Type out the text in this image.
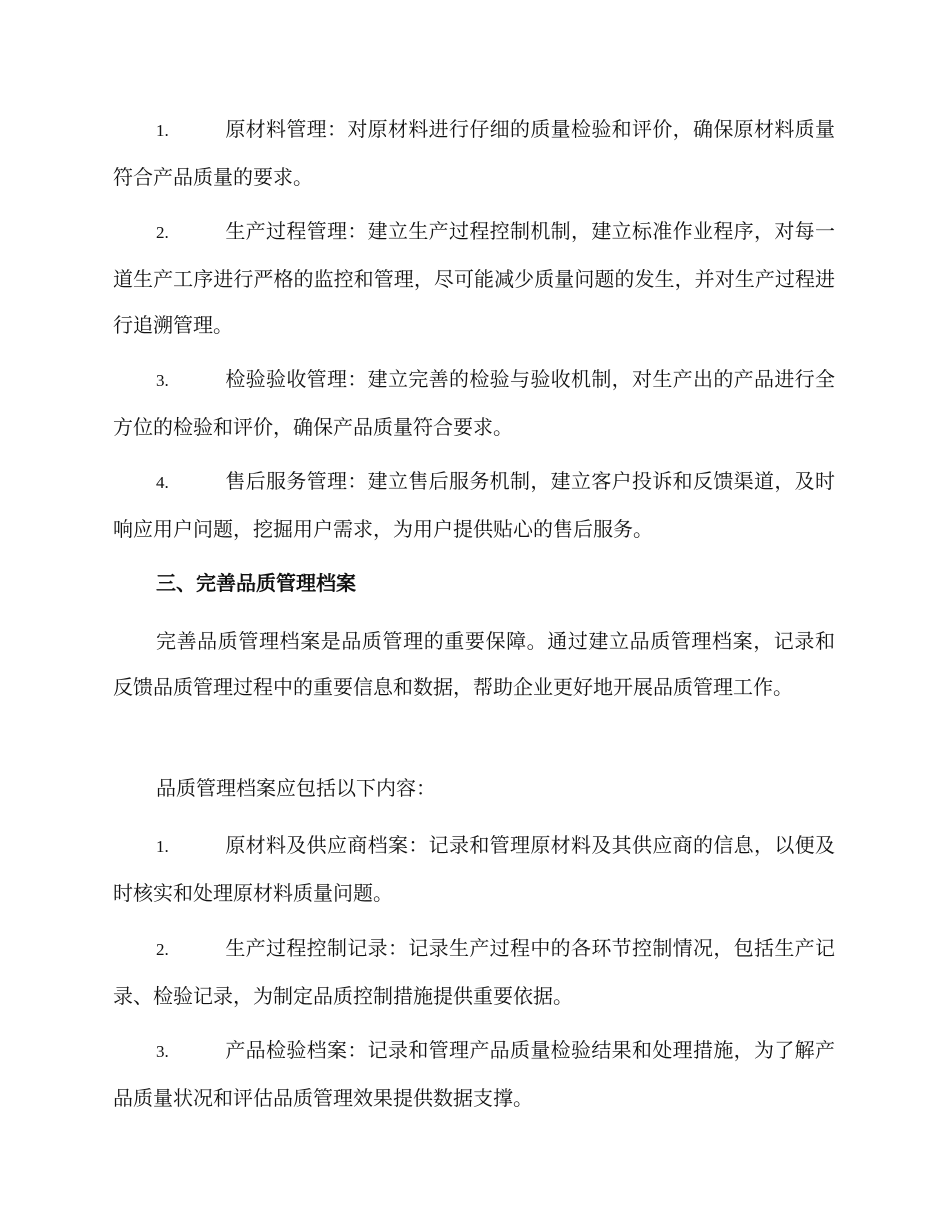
1.	原材料管理：对原材料进行仔细的质量检验和评价，确保原材料质量符合产品质量的要求。

2.	生产过程管理：建立生产过程控制机制，建立标准作业程序，对每一道生产工序进行严格的监控和管理，尽可能减少质量问题的发生，并对生产过程进行追溯管理。

3.	检验验收管理：建立完善的检验与验收机制，对生产出的产品进行全方位的检验和评价，确保产品质量符合要求。

4.	售后服务管理：建立售后服务机制，建立客户投诉和反馈渠道，及时响应用户问题，挖掘用户需求，为用户提供贴心的售后服务。

三、完善品质管理档案

完善品质管理档案是品质管理的重要保障。通过建立品质管理档案，记录和反馈品质管理过程中的重要信息和数据，帮助企业更好地开展品质管理工作。

品质管理档案应包括以下内容：

1.	原材料及供应商档案：记录和管理原材料及其供应商的信息，以便及时核实和处理原材料质量问题。

2.	生产过程控制记录：记录生产过程中的各环节控制情况，包括生产记录、检验记录，为制定品质控制措施提供重要依据。

3.	产品检验档案：记录和管理产品质量检验结果和处理措施，为了解产品质量状况和评估品质管理效果提供数据支撑。
